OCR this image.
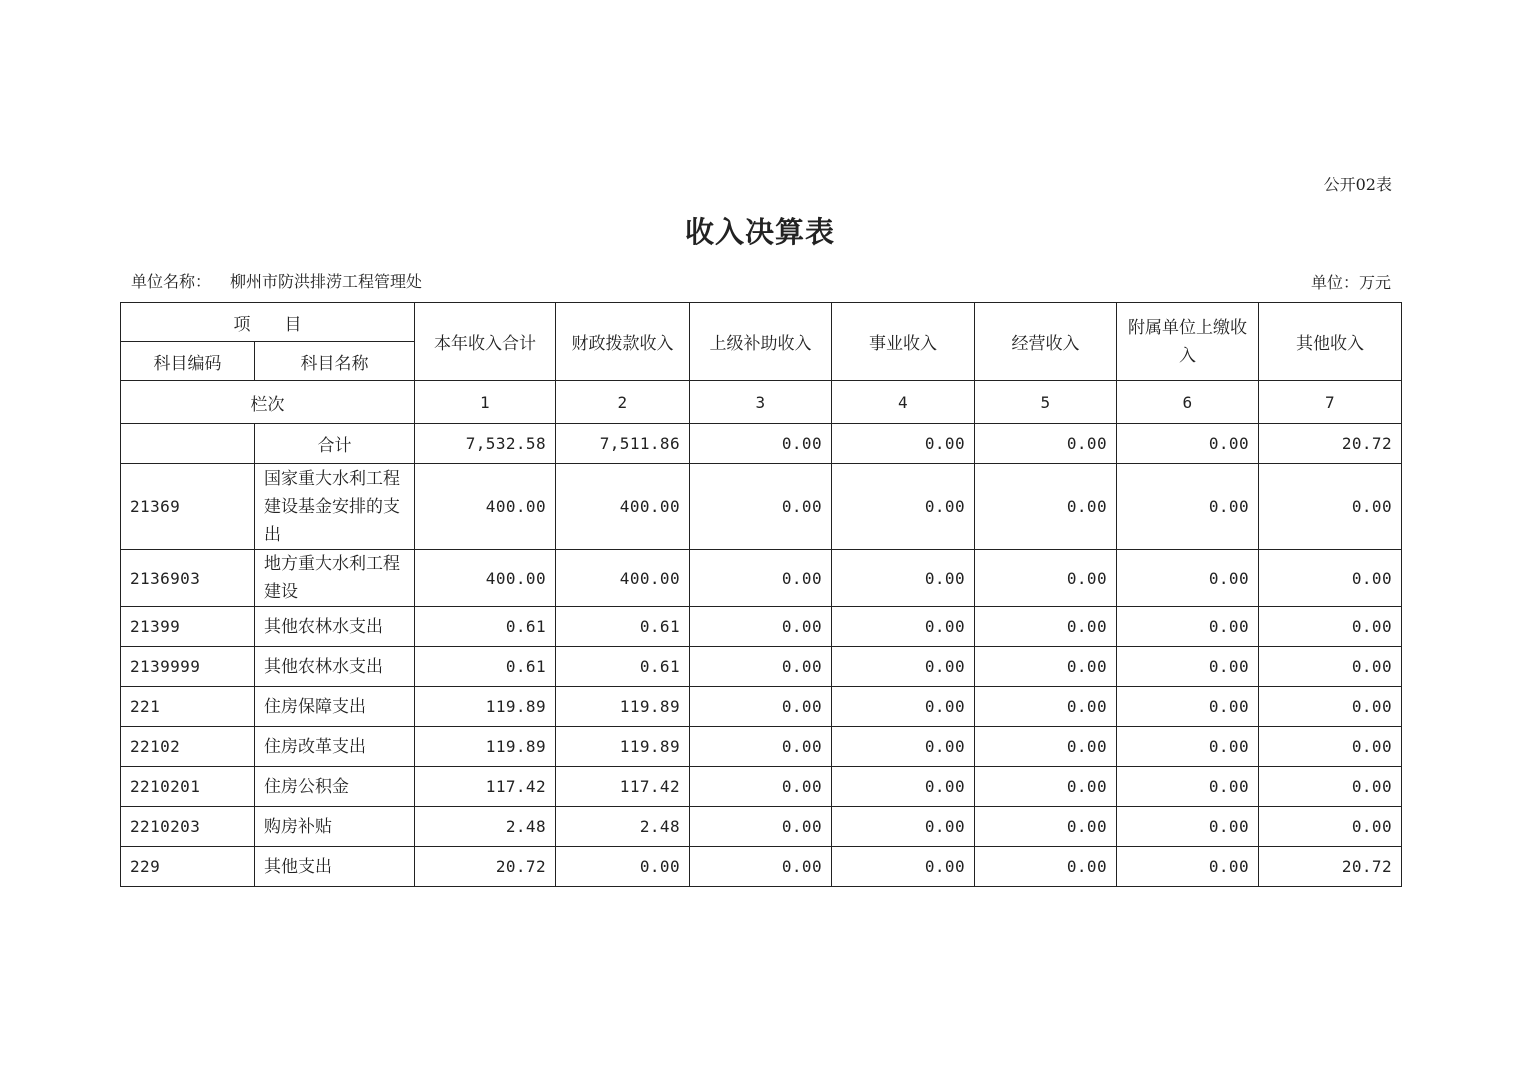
公开02表
收入决算表
单位名称： 柳州市防洪排涝工程管理处	单位：万元
项　　目		本年收入合计	财政拨款收入	上级补助收入	事业收入	经营收入	附属单位上缴收入	其他收入
科目编码	科目名称							
栏次		1	2	3	4	5	6	7
	合计	7,532.58	7,511.86	0.00	0.00	0.00	0.00	20.72
21369	国家重大水利工程建设基金安排的支出	400.00	400.00	0.00	0.00	0.00	0.00	0.00
2136903	地方重大水利工程建设	400.00	400.00	0.00	0.00	0.00	0.00	0.00
21399	其他农林水支出	0.61	0.61	0.00	0.00	0.00	0.00	0.00
2139999	其他农林水支出	0.61	0.61	0.00	0.00	0.00	0.00	0.00
221	住房保障支出	119.89	119.89	0.00	0.00	0.00	0.00	0.00
22102	住房改革支出	119.89	119.89	0.00	0.00	0.00	0.00	0.00
2210201	住房公积金	117.42	117.42	0.00	0.00	0.00	0.00	0.00
2210203	购房补贴	2.48	2.48	0.00	0.00	0.00	0.00	0.00
229	其他支出	20.72	0.00	0.00	0.00	0.00	0.00	20.72
